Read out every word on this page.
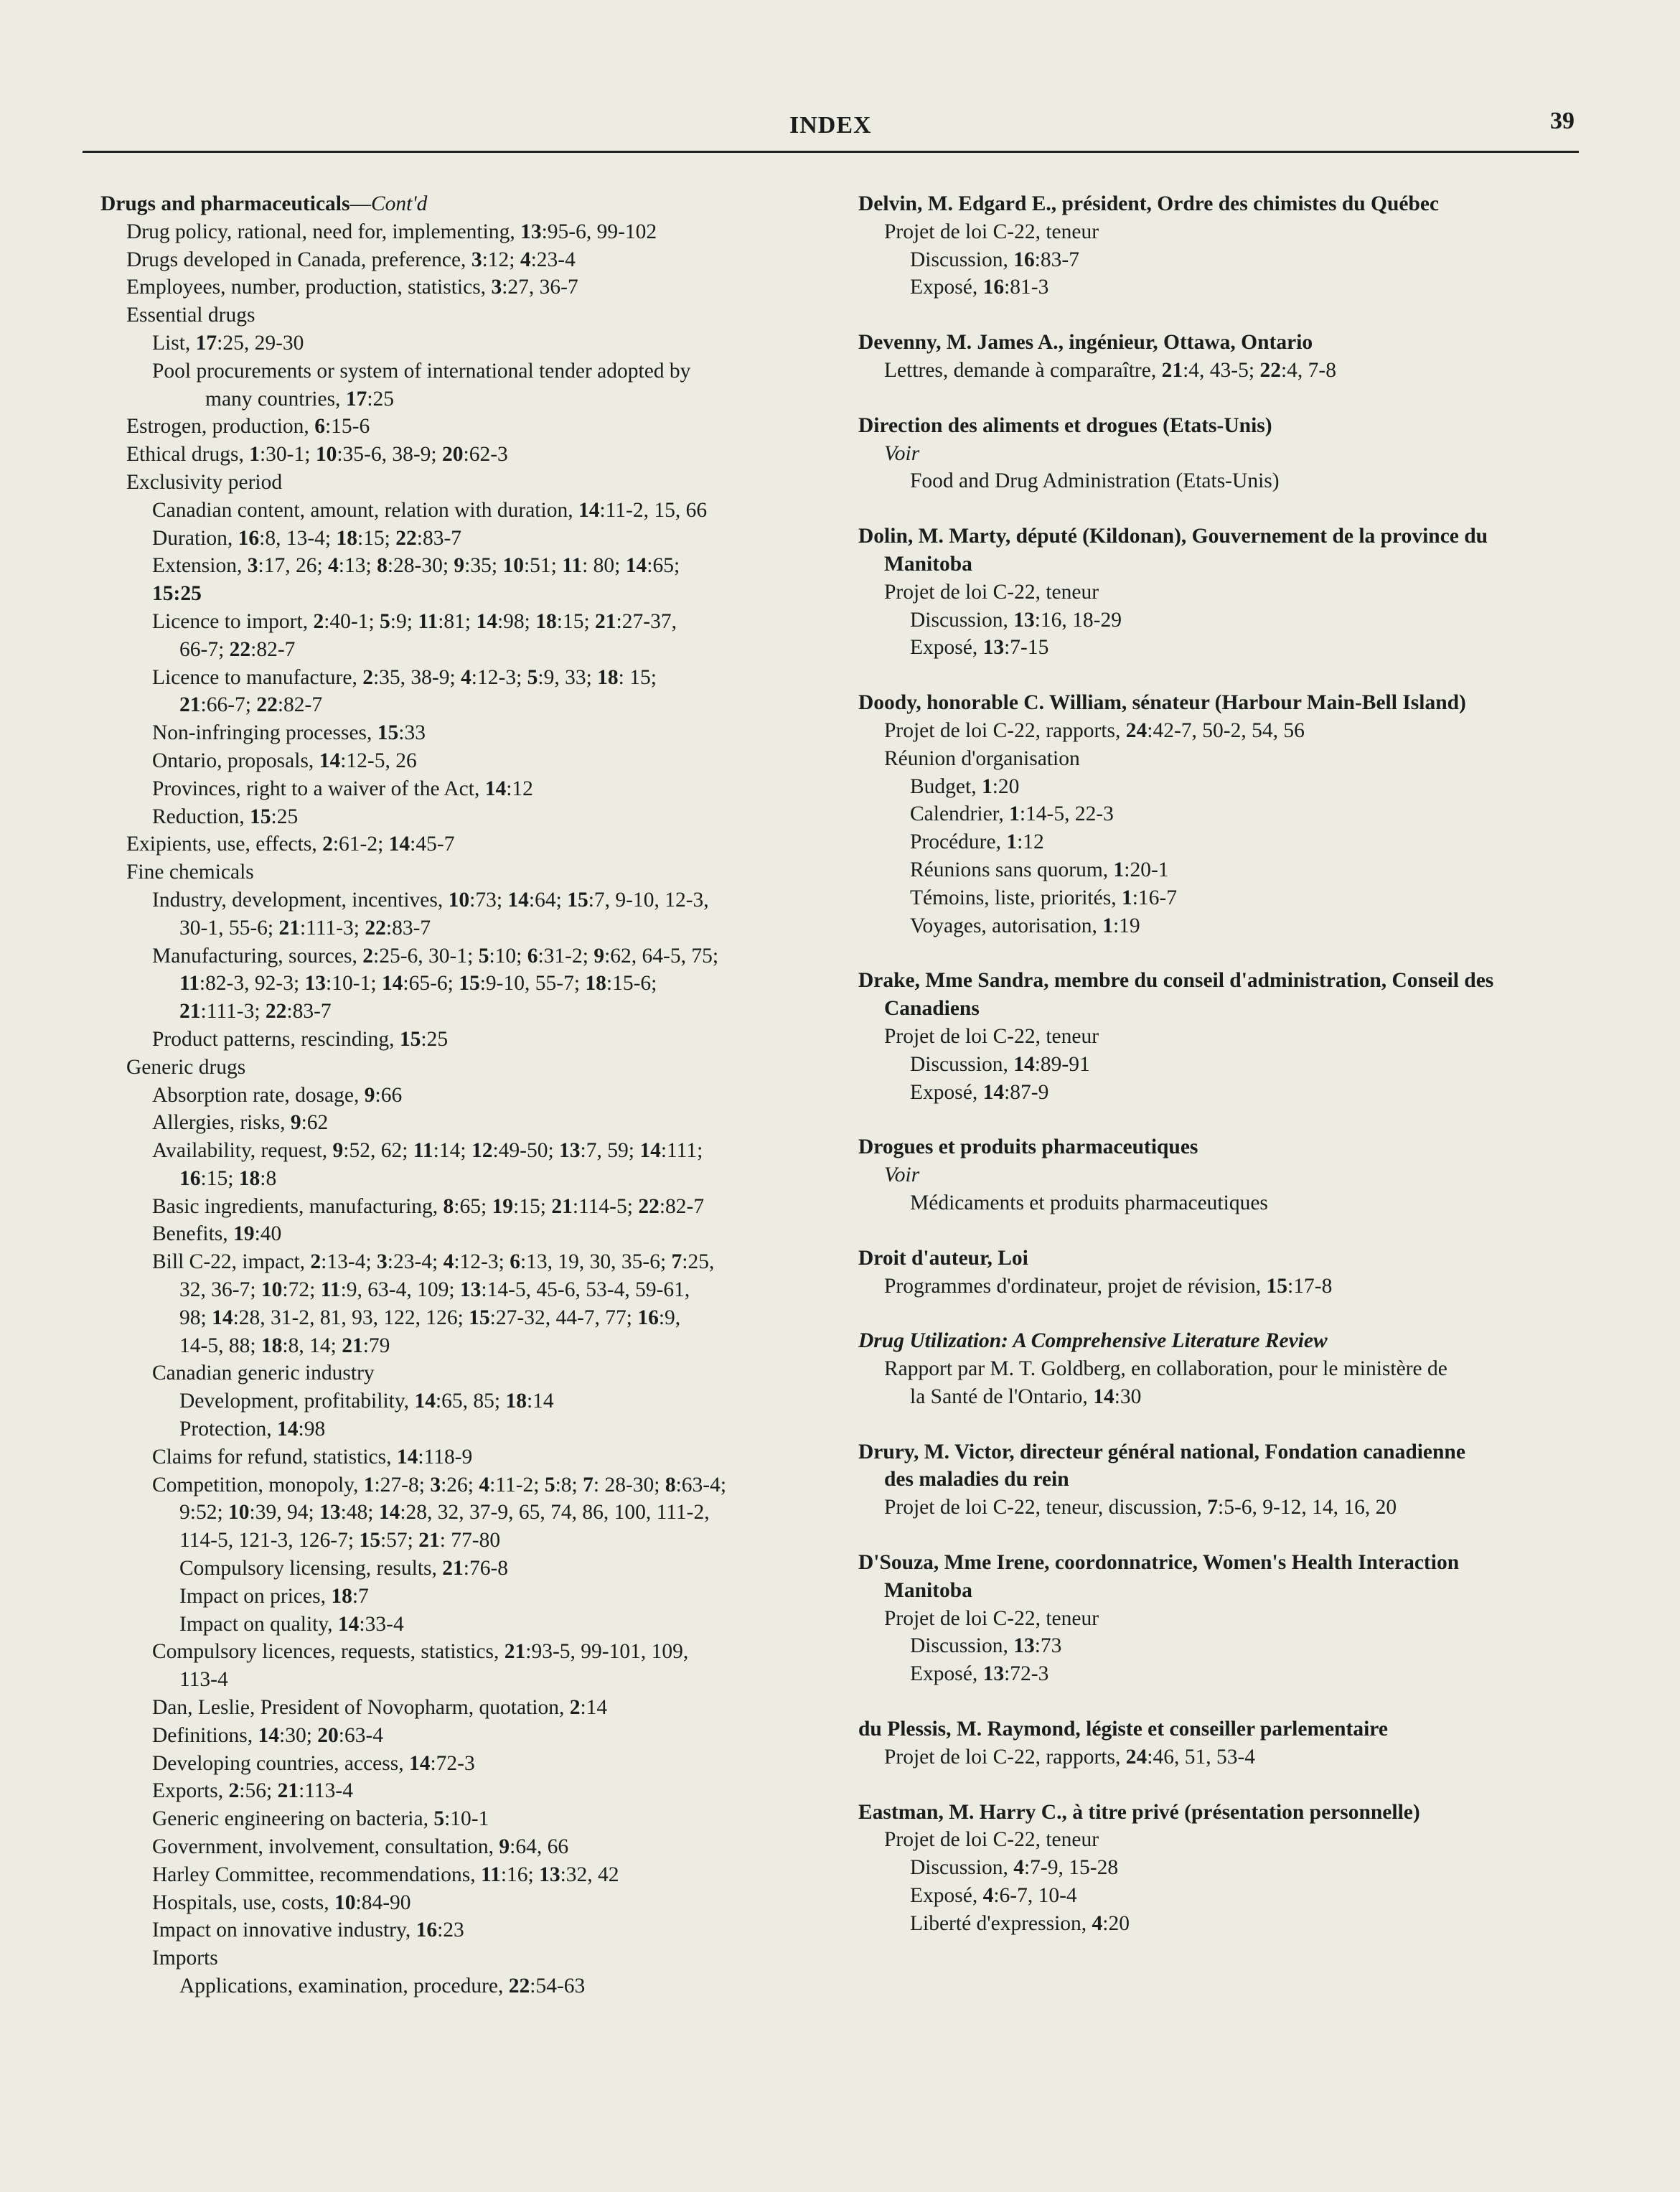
INDEX	39
Drugs and pharmaceuticals—Cont'd
Drug policy, rational, need for, implementing, 13:95-6, 99-102
Drugs developed in Canada, preference, 3:12; 4:23-4
Employees, number, production, statistics, 3:27, 36-7
Essential drugs
List, 17:25, 29-30
Pool procurements or system of international tender adopted by
many countries, 17:25
Estrogen, production, 6:15-6
Ethical drugs, 1:30-1; 10:35-6, 38-9; 20:62-3
Exclusivity period
Canadian content, amount, relation with duration, 14:11-2, 15, 66
Duration, 16:8, 13-4; 18:15; 22:83-7
Extension, 3:17, 26; 4:13; 8:28-30; 9:35; 10:51; 11: 80; 14:65;
15:25
Licence to import, 2:40-1; 5:9; 11:81; 14:98; 18:15; 21:27-37,
66-7; 22:82-7
Licence to manufacture, 2:35, 38-9; 4:12-3; 5:9, 33; 18: 15;
21:66-7; 22:82-7
Non-infringing processes, 15:33
Ontario, proposals, 14:12-5, 26
Provinces, right to a waiver of the Act, 14:12
Reduction, 15:25
Exipients, use, effects, 2:61-2; 14:45-7
Fine chemicals
Industry, development, incentives, 10:73; 14:64; 15:7, 9-10, 12-3,
30-1, 55-6; 21:111-3; 22:83-7
Manufacturing, sources, 2:25-6, 30-1; 5:10; 6:31-2; 9:62, 64-5, 75;
11:82-3, 92-3; 13:10-1; 14:65-6; 15:9-10, 55-7; 18:15-6;
21:111-3; 22:83-7
Product patterns, rescinding, 15:25
Generic drugs
Absorption rate, dosage, 9:66
Allergies, risks, 9:62
Availability, request, 9:52, 62; 11:14; 12:49-50; 13:7, 59; 14:111;
16:15; 18:8
Basic ingredients, manufacturing, 8:65; 19:15; 21:114-5; 22:82-7
Benefits, 19:40
Bill C-22, impact, 2:13-4; 3:23-4; 4:12-3; 6:13, 19, 30, 35-6; 7:25,
32, 36-7; 10:72; 11:9, 63-4, 109; 13:14-5, 45-6, 53-4, 59-61,
98; 14:28, 31-2, 81, 93, 122, 126; 15:27-32, 44-7, 77; 16:9,
14-5, 88; 18:8, 14; 21:79
Canadian generic industry
Development, profitability, 14:65, 85; 18:14
Protection, 14:98
Claims for refund, statistics, 14:118-9
Competition, monopoly, 1:27-8; 3:26; 4:11-2; 5:8; 7: 28-30; 8:63-4;
9:52; 10:39, 94; 13:48; 14:28, 32, 37-9, 65, 74, 86, 100, 111-2,
114-5, 121-3, 126-7; 15:57; 21: 77-80
Compulsory licensing, results, 21:76-8
Impact on prices, 18:7
Impact on quality, 14:33-4
Compulsory licences, requests, statistics, 21:93-5, 99-101, 109,
113-4
Dan, Leslie, President of Novopharm, quotation, 2:14
Definitions, 14:30; 20:63-4
Developing countries, access, 14:72-3
Exports, 2:56; 21:113-4
Generic engineering on bacteria, 5:10-1
Government, involvement, consultation, 9:64, 66
Harley Committee, recommendations, 11:16; 13:32, 42
Hospitals, use, costs, 10:84-90
Impact on innovative industry, 16:23
Imports
Applications, examination, procedure, 22:54-63
Delvin, M. Edgard E., président, Ordre des chimistes du Québec
Projet de loi C-22, teneur
Discussion, 16:83-7
Exposé, 16:81-3
Devenny, M. James A., ingénieur, Ottawa, Ontario
Lettres, demande à comparaître, 21:4, 43-5; 22:4, 7-8
Direction des aliments et drogues (Etats-Unis)
Voir
Food and Drug Administration (Etats-Unis)
Dolin, M. Marty, député (Kildonan), Gouvernement de la province du
Manitoba
Projet de loi C-22, teneur
Discussion, 13:16, 18-29
Exposé, 13:7-15
Doody, honorable C. William, sénateur (Harbour Main-Bell Island)
Projet de loi C-22, rapports, 24:42-7, 50-2, 54, 56
Réunion d'organisation
Budget, 1:20
Calendrier, 1:14-5, 22-3
Procédure, 1:12
Réunions sans quorum, 1:20-1
Témoins, liste, priorités, 1:16-7
Voyages, autorisation, 1:19
Drake, Mme Sandra, membre du conseil d'administration, Conseil des
Canadiens
Projet de loi C-22, teneur
Discussion, 14:89-91
Exposé, 14:87-9
Drogues et produits pharmaceutiques
Voir
Médicaments et produits pharmaceutiques
Droit d'auteur, Loi
Programmes d'ordinateur, projet de révision, 15:17-8
Drug Utilization: A Comprehensive Literature Review
Rapport par M. T. Goldberg, en collaboration, pour le ministère de
la Santé de l'Ontario, 14:30
Drury, M. Victor, directeur général national, Fondation canadienne
des maladies du rein
Projet de loi C-22, teneur, discussion, 7:5-6, 9-12, 14, 16, 20
D'Souza, Mme Irene, coordonnatrice, Women's Health Interaction
Manitoba
Projet de loi C-22, teneur
Discussion, 13:73
Exposé, 13:72-3
du Plessis, M. Raymond, légiste et conseiller parlementaire
Projet de loi C-22, rapports, 24:46, 51, 53-4
Eastman, M. Harry C., à titre privé (présentation personnelle)
Projet de loi C-22, teneur
Discussion, 4:7-9, 15-28
Exposé, 4:6-7, 10-4
Liberté d'expression, 4:20
